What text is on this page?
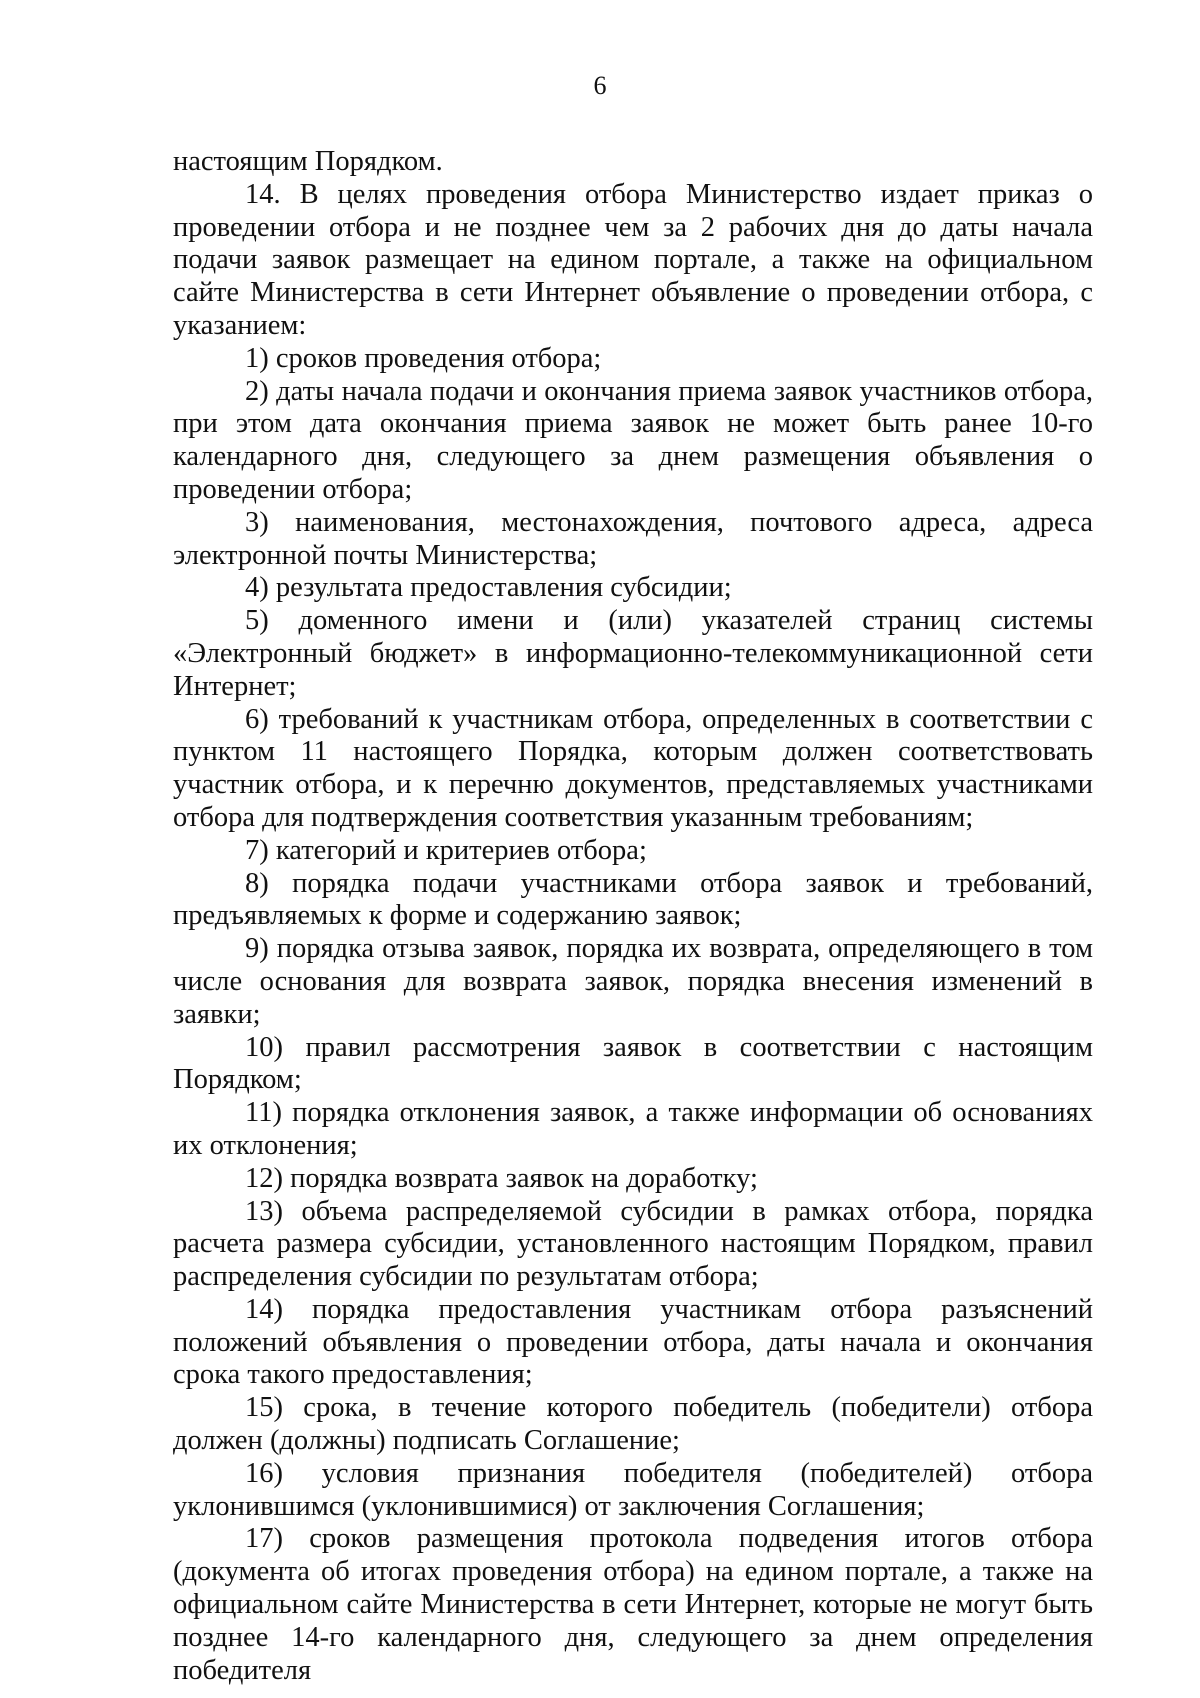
6

настоящим Порядком.

14. В целях проведения отбора Министерство издает приказ о проведении отбора и не позднее чем за 2 рабочих дня до даты начала подачи заявок размещает на едином портале, а также на официальном сайте Министерства в сети Интернет объявление о проведении отбора, с указанием:

1) сроков проведения отбора;

2) даты начала подачи и окончания приема заявок участников отбора, при этом дата окончания приема заявок не может быть ранее 10-го календарного дня, следующего за днем размещения объявления о проведении отбора;

3) наименования, местонахождения, почтового адреса, адреса электронной почты Министерства;

4) результата предоставления субсидии;

5) доменного имени и (или) указателей страниц системы «Электронный бюджет» в информационно-телекоммуникационной сети Интернет;

6) требований к участникам отбора, определенных в соответствии с пунктом 11 настоящего Порядка, которым должен соответствовать участник отбора, и к перечню документов, представляемых участниками отбора для подтверждения соответствия указанным требованиям;

7) категорий и критериев отбора;

8) порядка подачи участниками отбора заявок и требований, предъявляемых к форме и содержанию заявок;

9) порядка отзыва заявок, порядка их возврата, определяющего в том числе основания для возврата заявок, порядка внесения изменений в заявки;

10) правил рассмотрения заявок в соответствии с настоящим Порядком;

11) порядка отклонения заявок, а также информации об основаниях их отклонения;

12) порядка возврата заявок на доработку;

13) объема распределяемой субсидии в рамках отбора, порядка расчета размера субсидии, установленного настоящим Порядком, правил распределения субсидии по результатам отбора;

14) порядка предоставления участникам отбора разъяснений положений объявления о проведении отбора, даты начала и окончания срока такого предоставления;

15) срока, в течение которого победитель (победители) отбора должен (должны) подписать Соглашение;

16) условия признания победителя (победителей) отбора уклонившимся (уклонившимися) от заключения Соглашения;

17) сроков размещения протокола подведения итогов отбора (документа об итогах проведения отбора) на едином портале, а также на официальном сайте Министерства в сети Интернет, которые не могут быть позднее 14-го календарного дня, следующего за днем определения победителя
